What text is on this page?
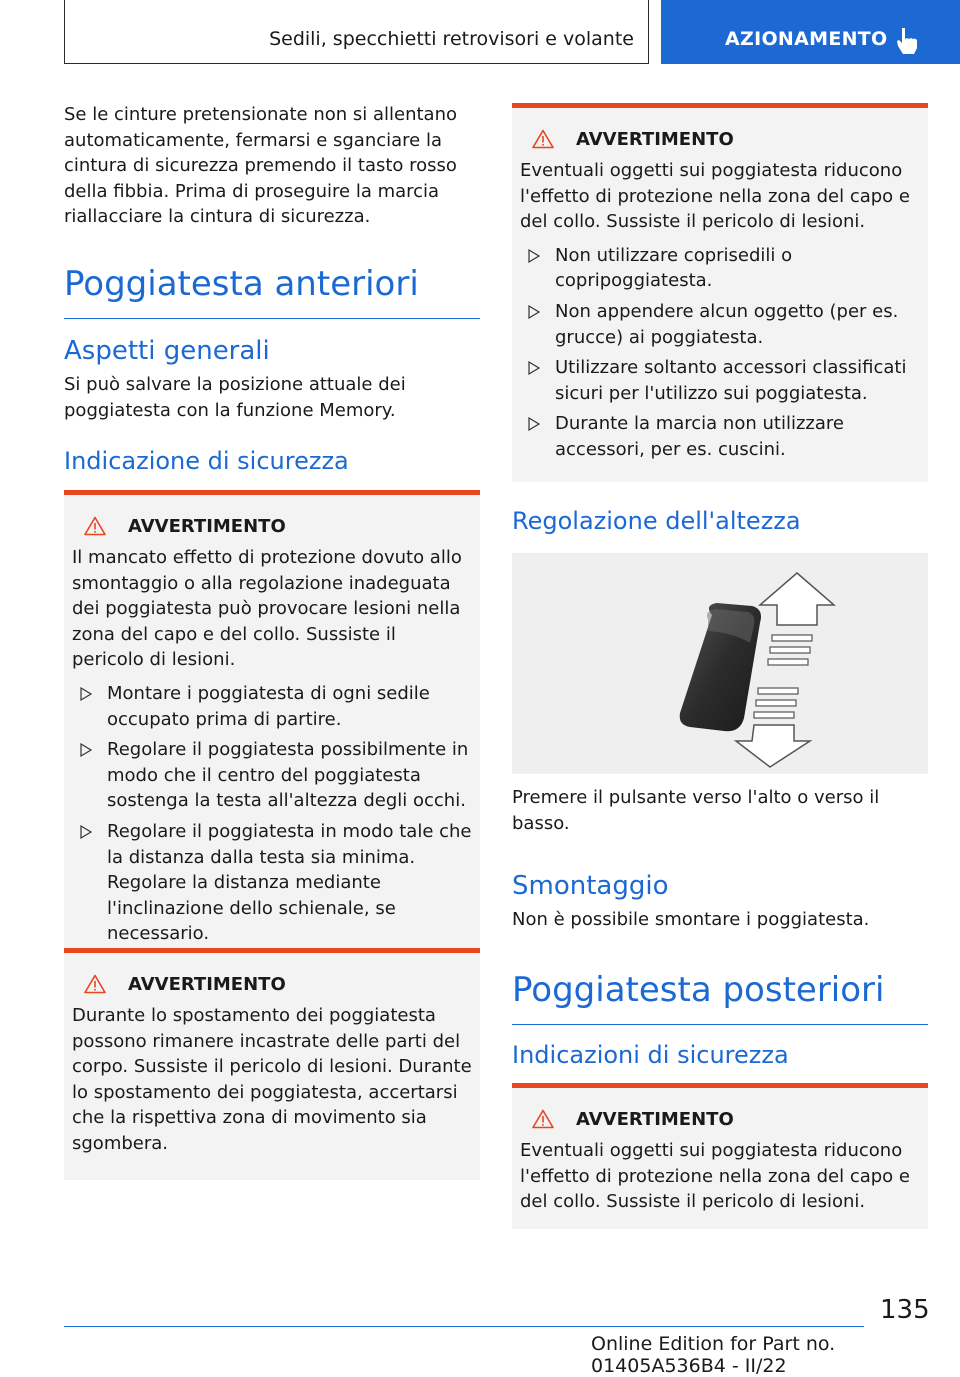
Sedili, specchietti retrovisori e volante	AZIONAMENTO

Se le cinture pretensionate non si allentano automaticamente, fermarsi e sganciare la cintura di sicurezza premendo il tasto rosso della fibbia. Prima di proseguire la marcia riallacciare la cintura di sicurezza.

Poggiatesta anteriori
Aspetti generali

Si può salvare la posizione attuale dei poggiatesta con la funzione Memory.

Indicazione di sicurezza
AVVERTIMENTO

Il mancato effetto di protezione dovuto allo smontaggio o alla regolazione inadeguata dei poggiatesta può provocare lesioni nella zona del capo e del collo. Sussiste il pericolo di lesioni.

Montare i poggiatesta di ogni sedile occupato prima di partire.
Regolare il poggiatesta possibilmente in modo che il centro del poggiatesta sostenga la testa all'altezza degli occhi.
Regolare il poggiatesta in modo tale che la distanza dalla testa sia minima. Regolare la distanza mediante l'inclinazione dello schienale, se necessario.
AVVERTIMENTO

Durante lo spostamento dei poggiatesta possono rimanere incastrate delle parti del corpo. Sussiste il pericolo di lesioni. Durante lo spostamento dei poggiatesta, accertarsi che la rispettiva zona di movimento sia sgombera.

AVVERTIMENTO

Eventuali oggetti sui poggiatesta riducono l'effetto di protezione nella zona del capo e del collo. Sussiste il pericolo di lesioni.

Non utilizzare coprisedili o copripoggiatesta.
Non appendere alcun oggetto (per es. grucce) ai poggiatesta.
Utilizzare soltanto accessori classificati sicuri per l'utilizzo sui poggiatesta.
Durante la marcia non utilizzare accessori, per es. cuscini.
Regolazione dell'altezza

Premere il pulsante verso l'alto o verso il basso.

Smontaggio

Non è possibile smontare i poggiatesta.

Poggiatesta posteriori
Indicazioni di sicurezza
AVVERTIMENTO

Eventuali oggetti sui poggiatesta riducono l'effetto di protezione nella zona del capo e del collo. Sussiste il pericolo di lesioni.

135
Online Edition for Part no. 01405A536B4 - II/22
